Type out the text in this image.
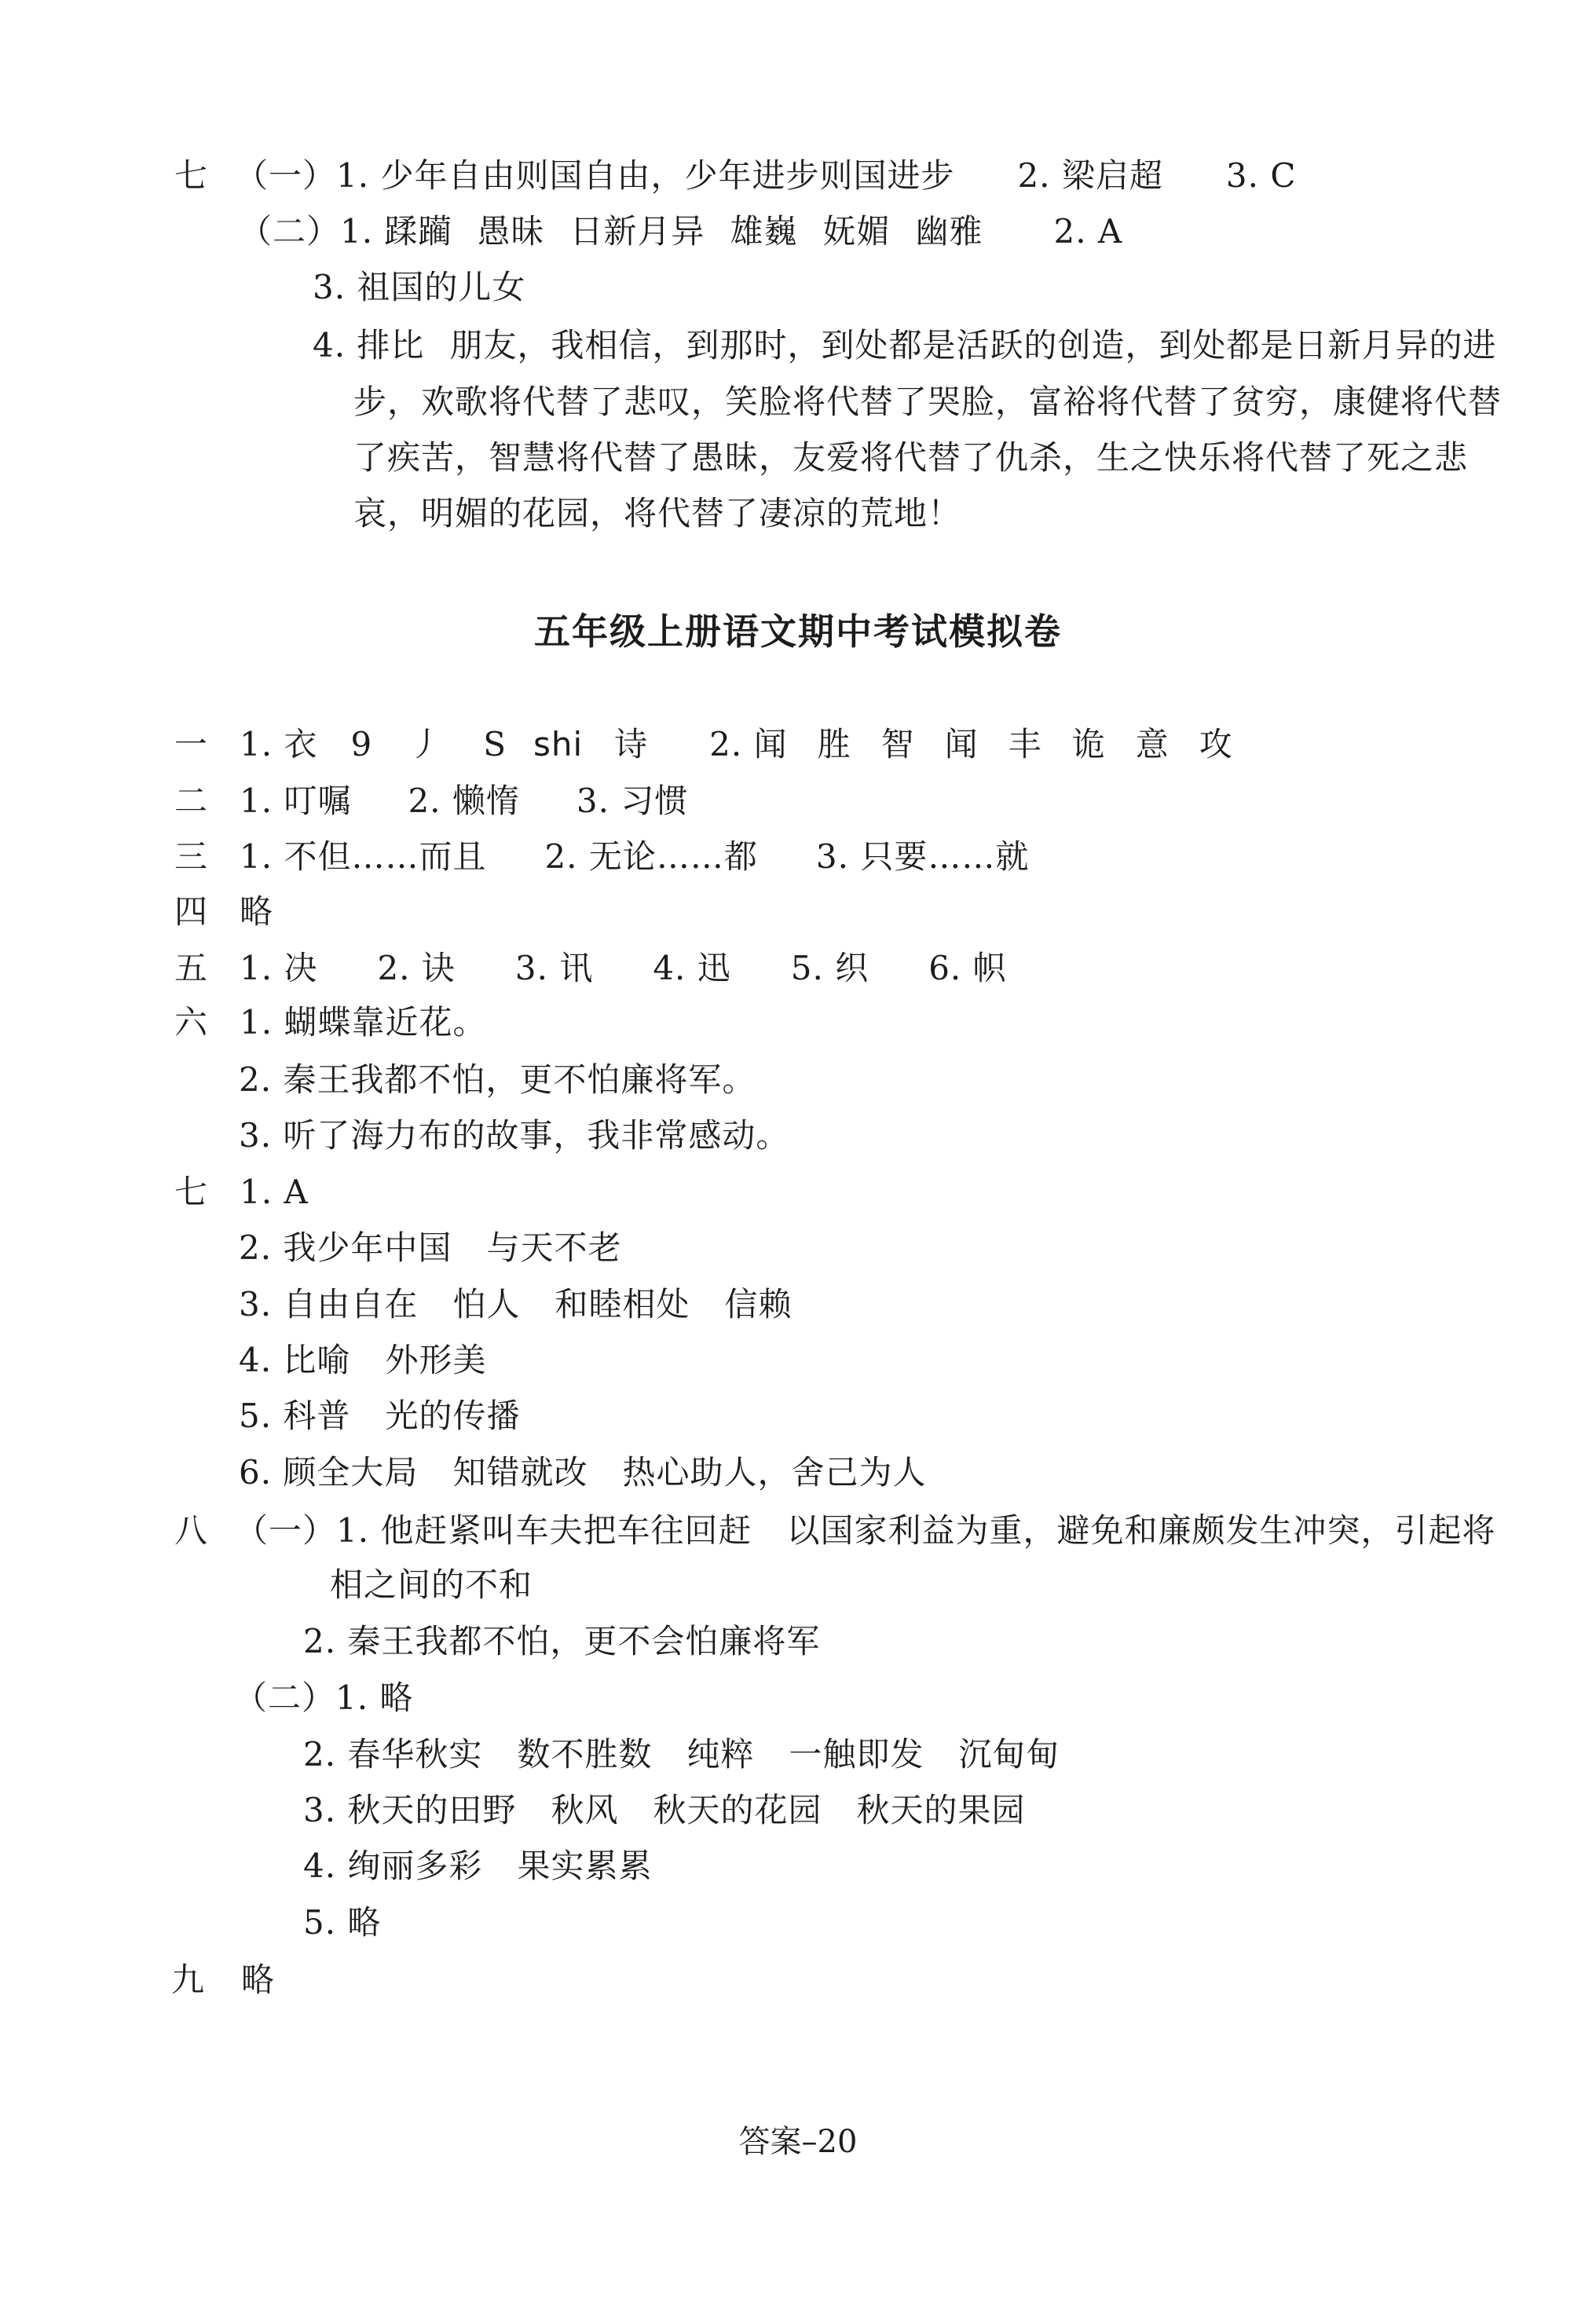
七 （一）1. 少年自由则国自由，少年进步则国进步 2. 梁启超 3. C
（二）1. 蹂躏 愚昧 日新月异 雄巍 妩媚 幽雅 2. A
3. 祖国的儿女
4. 排比 朋友，我相信，到那时，到处都是活跃的创造，到处都是日新月异的进
步，欢歌将代替了悲叹，笑脸将代替了哭脸，富裕将代替了贫穷，康健将代替
了疾苦，智慧将代替了愚昧，友爱将代替了仇杀，生之快乐将代替了死之悲
哀，明媚的花园，将代替了凄凉的荒地！
五年级上册语文期中考试模拟卷
一 1. 衣 9 丿 S shi 诗 2. 闻 胜 智 闻 丰 诡 意 攻
二 1. 叮嘱 2. 懒惰 3. 习惯
三 1. 不但……而且 2. 无论……都 3. 只要……就
四 略
五 1. 决 2. 诀 3. 讯 4. 迅 5. 织 6. 帜
六 1. 蝴蝶靠近花。
2. 秦王我都不怕，更不怕廉将军。
3. 听了海力布的故事，我非常感动。
七 1. A
2. 我少年中国 与天不老
3. 自由自在 怕人 和睦相处 信赖
4. 比喻 外形美
5. 科普 光的传播
6. 顾全大局 知错就改 热心助人，舍己为人
八 （一）1. 他赶紧叫车夫把车往回赶 以国家利益为重，避免和廉颇发生冲突，引起将
相之间的不和
2. 秦王我都不怕，更不会怕廉将军
（二）1. 略
2. 春华秋实 数不胜数 纯粹 一触即发 沉甸甸
3. 秋天的田野 秋风 秋天的花园 秋天的果园
4. 绚丽多彩 果实累累
5. 略
九 略
答案–20
